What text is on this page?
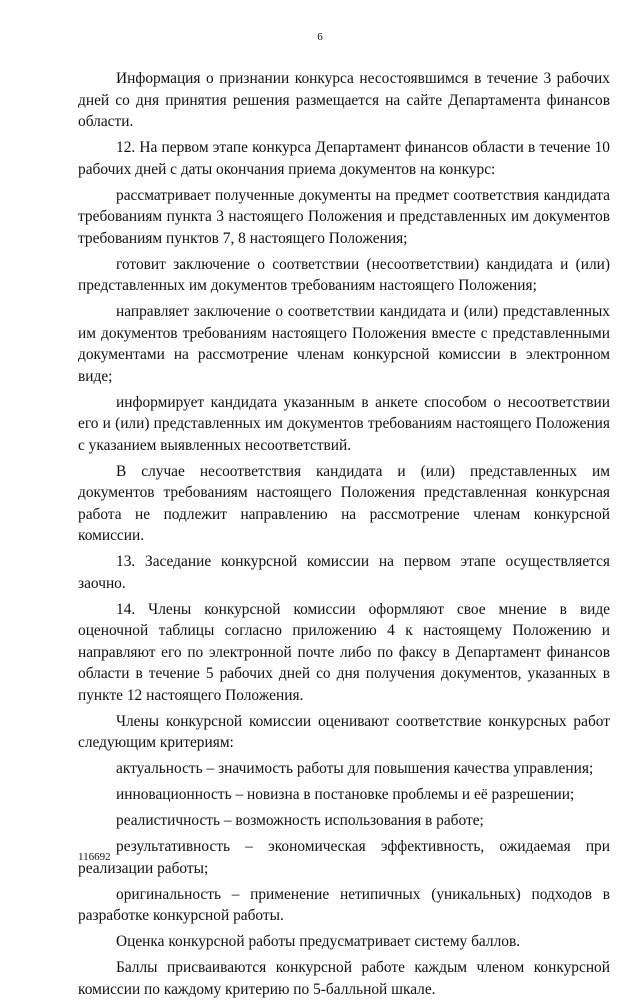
6

Информация о признании конкурса несостоявшимся в течение 3 рабочих дней со дня принятия решения размещается на сайте Департамента финансов области.

12. На первом этапе конкурса Департамент финансов области в течение 10 рабочих дней с даты окончания приема документов на конкурс:

рассматривает полученные документы на предмет соответствия кандидата требованиям пункта 3 настоящего Положения и представленных им документов требованиям пунктов 7, 8 настоящего Положения;

готовит заключение о соответствии (несоответствии) кандидата и (или) представленных им документов требованиям настоящего Положения;

направляет заключение о соответствии кандидата и (или) представленных им документов требованиям настоящего Положения вместе с представленными документами на рассмотрение членам конкурсной комиссии в электронном виде;

информирует кандидата указанным в анкете способом о несоответствии его и (или) представленных им документов требованиям настоящего Положения с указанием выявленных несоответствий.

В случае несоответствия кандидата и (или) представленных им документов требованиям настоящего Положения представленная конкурсная работа не подлежит направлению на рассмотрение членам конкурсной комиссии.

13. Заседание конкурсной комиссии на первом этапе осуществляется заочно.

14. Члены конкурсной комиссии оформляют свое мнение в виде оценочной таблицы согласно приложению 4 к настоящему Положению и направляют его по электронной почте либо по факсу в Департамент финансов области в течение 5 рабочих дней со дня получения документов, указанных в пункте 12 настоящего Положения.

Члены конкурсной комиссии оценивают соответствие конкурсных работ следующим критериям:

актуальность – значимость работы для повышения качества управления;

инновационность – новизна в постановке проблемы и её разрешении;

реалистичность – возможность использования в работе;

результативность – экономическая эффективность, ожидаемая при реализации работы;

оригинальность – применение нетипичных (уникальных) подходов в разработке конкурсной работы.

Оценка конкурсной работы предусматривает систему баллов.

Баллы присваиваются конкурсной работе каждым членом конкурсной комиссии по каждому критерию по 5-балльной шкале.

116692
